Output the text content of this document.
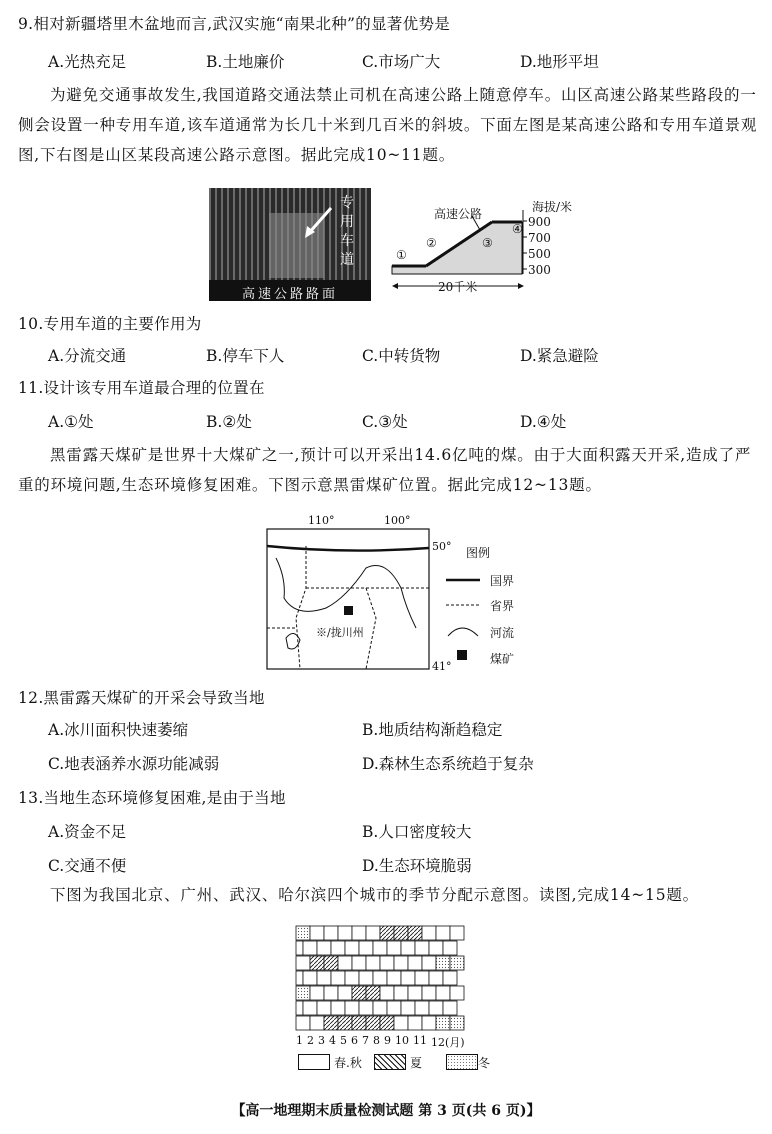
9.相对新疆塔里木盆地而言,武汉实施“南果北种”的显著优势是
A.光热充足	B.土地廉价	C.市场广大	D.地形平坦
为避免交通事故发生,我国道路交通法禁止司机在高速公路上随意停车。山区高速公路某些路段的一侧会设置一种专用车道,该车道通常为长几十米到几百米的斜坡。下面左图是某高速公路和专用车道景观图,下右图是山区某段高速公路示意图。据此完成10~11题。
专用车道
高速公路路面
高速公路	海拔/米
900
700
500
300
①
②	③
④
20千米
10.专用车道的主要作用为
A.分流交通	B.停车下人	C.中转货物	D.紧急避险
11.设计该专用车道最合理的位置在
A.①处	B.②处	C.③处	D.④处
黑雷露天煤矿是世界十大煤矿之一,预计可以开采出14.6亿吨的煤。由于大面积露天开采,造成了严重的环境问题,生态环境修复困难。下图示意黑雷煤矿位置。据此完成12~13题。
110°	100°
50°
41°
※/拢川州
图例
国界
省界
河流
煤矿
12.黑雷露天煤矿的开采会导致当地
A.冰川面积快速萎缩	B.地质结构渐趋稳定
C.地表涵养水源功能减弱	D.森林生态系统趋于复杂
13.当地生态环境修复困难,是由于当地
A.资金不足	B.人口密度较大
C.交通不便	D.生态环境脆弱
下图为我国北京、广州、武汉、哈尔滨四个城市的季节分配示意图。读图,完成14~15题。
1 2 3 4 5 6 7 8 9 10 11 12(月)
春.秋	夏	冬
【高一地理期末质量检测试题 第 3 页(共 6 页)】
